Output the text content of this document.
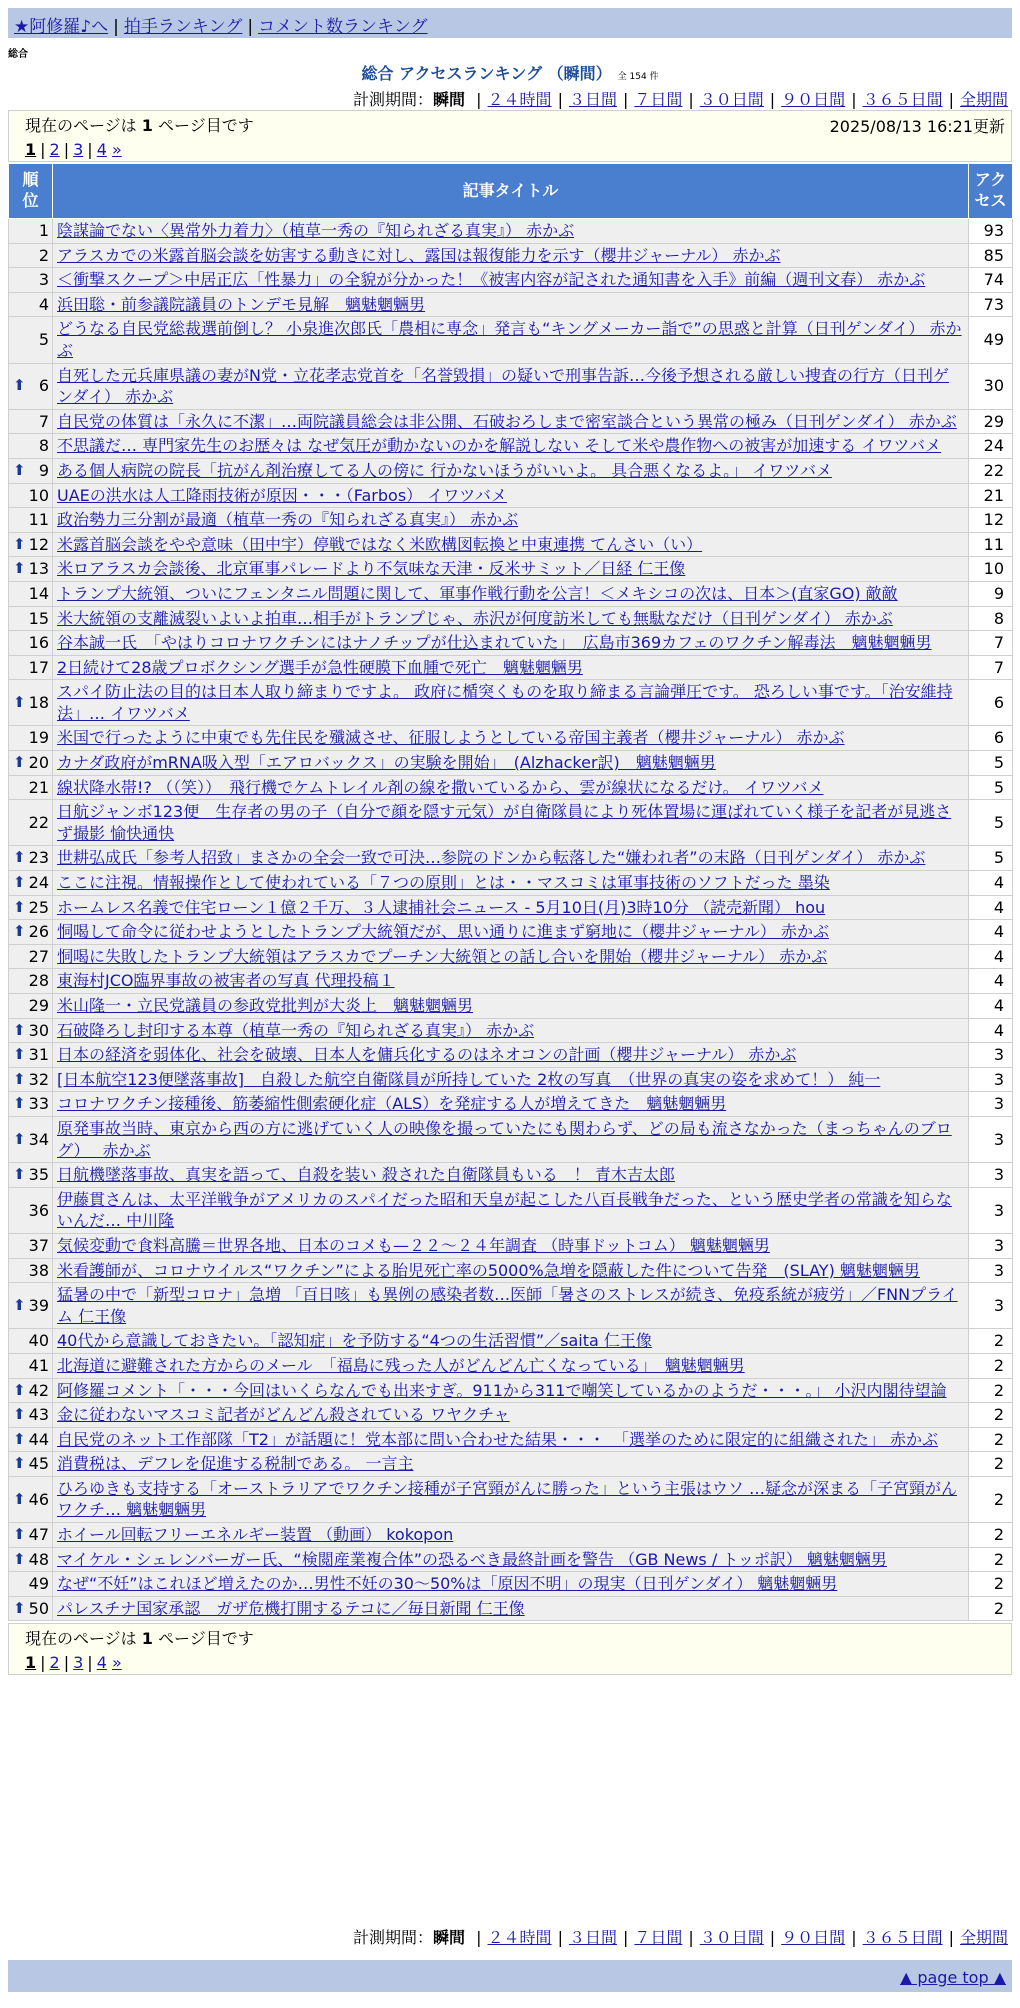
★阿修羅♪へ | 拍手ランキング | コメント数ランキング
総合
総合 アクセスランキング （瞬間） 全 154 件
計測期間：瞬間 | ２４時間 | ３日間 | ７日間 | ３０日間 | ９０日間 | ３６５日間 | 全期間
現在のページは 1 ページ目です	2025/08/13 16:21更新
1 | 2 | 3 | 4 »
順
位	記事タイトル	アク
セス
1	陰謀論でない〈異常外力着力〉（植草一秀の『知られざる真実』） 赤かぶ	93
2	アラスカでの米露首脳会談を妨害する動きに対し、露国は報復能力を示す（櫻井ジャーナル） 赤かぶ	85
3	＜衝撃スクープ＞中居正広「性暴力」の全貌が分かった！《被害内容が記された通知書を入手》前編（週刊文春） 赤かぶ	74
4	浜田聡・前参議院議員のトンデモ見解　魑魅魍魎男	73
5	どうなる自民党総裁選前倒し？ 小泉進次郎氏「農相に専念」発言も“キングメーカー詣で”の思惑と計算（日刊ゲンダイ） 赤かぶ	49

⬆ 6	自死した元兵庫県議の妻がN党・立花孝志党首を「名誉毀損」の疑いで刑事告訴…今後予想される厳しい捜査の行方（日刊ゲンダイ） 赤かぶ	30
7	自民党の体質は「永久に不潔」…両院議員総会は非公開、石破おろしまで密室談合という異常の極み（日刊ゲンダイ） 赤かぶ	29
8	不思議だ… 専門家先生のお歴々は なぜ気圧が動かないのかを解説しない そして米や農作物への被害が加速する イワツバメ	24

⬆ 9	ある個人病院の院長「抗がん剤治療してる人の傍に 行かないほうがいいよ。 具合悪くなるよ。」 イワツバメ	22
10	UAEの洪水は人工降雨技術が原因・・・（Farbos） イワツバメ	21
11	政治勢力三分割が最適（植草一秀の『知られざる真実』） 赤かぶ	12

⬆ 12	米露首脳会談をやや意味（田中宇）停戦ではなく米欧構図転換と中東連携 てんさい（い）	11

⬆ 13	米ロアラスカ会談後、北京軍事パレードより不気味な天津・反米サミット／日経 仁王像	10
14	トランプ大統領、ついにフェンタニル問題に関して、軍事作戦行動を公言！＜メキシコの次は、日本＞(直家GO) 敵敵	9
15	米大統領の支離滅裂いよいよ拍車…相手がトランプじゃ、赤沢が何度訪米しても無駄なだけ（日刊ゲンダイ） 赤かぶ	8
16	谷本誠一氏　「やはりコロナワクチンにはナノチップが仕込まれていた」　広島市369カフェのワクチン解毒法　魑魅魍魎男	7
17	2日続けて28歳プロボクシング選手が急性硬膜下血腫で死亡　魑魅魍魎男	7

⬆ 18	スパイ防止法の目的は日本人取り締まりですよ。 政府に楯突くものを取り締まる言論弾圧です。 恐ろしい事です。「治安維持法」… イワツバメ	6
19	米国で行ったように中東でも先住民を殲滅させ、征服しようとしている帝国主義者（櫻井ジャーナル） 赤かぶ	6

⬆ 20	カナダ政府がmRNA吸入型「エアロバックス」の実験を開始」　(Alzhacker訳)　魑魅魍魎男	5
21	線状降水帯!? （（笑））　飛行機でケムトレイル剤の線を撒いているから、雲が線状になるだけ。 イワツバメ	5
22	日航ジャンボ123便　生存者の男の子（自分で顔を隠す元気）が自衛隊員により死体置場に運ばれていく様子を記者が見逃さず撮影 愉快通快	5

⬆ 23	世耕弘成氏「参考人招致」まさかの全会一致で可決…参院のドンから転落した“嫌われ者”の末路（日刊ゲンダイ） 赤かぶ	5

⬆ 24	ここに注視。情報操作として使われている「７つの原則」とは・・マスコミは軍事技術のソフトだった 墨染	4

⬆ 25	ホームレス名義で住宅ローン１億２千万、３人逮捕社会ニュース - 5月10日(月)3時10分 （読売新聞） hou	4

⬆ 26	恫喝して命令に従わせようとしたトランプ大統領だが、思い通りに進まず窮地に（櫻井ジャーナル） 赤かぶ	4
27	恫喝に失敗したトランプ大統領はアラスカでプーチン大統領との話し合いを開始（櫻井ジャーナル） 赤かぶ	4
28	東海村JCO臨界事故の被害者の写真 代理投稿１	4
29	米山隆一・立民党議員の参政党批判が大炎上　魑魅魍魎男	4

⬆ 30	石破降ろし封印する本尊（植草一秀の『知られざる真実』） 赤かぶ	4

⬆ 31	日本の経済を弱体化、社会を破壊、日本人を傭兵化するのはネオコンの計画（櫻井ジャーナル） 赤かぶ	3

⬆ 32	[日本航空123便墜落事故]　自殺した航空自衛隊員が所持していた 2枚の写真　（世界の真実の姿を求めて！） 純一	3

⬆ 33	コロナワクチン接種後、筋萎縮性側索硬化症（ALS）を発症する人が増えてきた　魑魅魍魎男	3

⬆ 34	原発事故当時、東京から西の方に逃げていく人の映像を撮っていたにも関わらず、どの局も流さなかった（まっちゃんのブログ）　 赤かぶ	3

⬆ 35	日航機墜落事故、真実を語って、自殺を装い 殺された自衛隊員もいる　！ 青木吉太郎	3
36	伊藤貫さんは、太平洋戦争がアメリカのスパイだった昭和天皇が起こした八百長戦争だった、という歴史学者の常識を知らないんだ… 中川隆	3
37	気候変動で食料高騰＝世界各地、日本のコメも—２２～２４年調査 （時事ドットコム） 魑魅魍魎男	3
38	米看護師が、コロナウイルス“ワクチン”による胎児死亡率の5000%急増を隠蔽した件について告発　(SLAY) 魑魅魍魎男	3

⬆ 39	猛暑の中で「新型コロナ」急増 「百日咳」も異例の感染者数…医師「暑さのストレスが続き、免疫系統が疲労」／FNNプライム 仁王像	3
40	40代から意識しておきたい。「認知症」を予防する“4つの生活習慣”／saita 仁王像	2
41	北海道に避難された方からのメール　「福島に残った人がどんどん亡くなっている」　魑魅魍魎男	2

⬆ 42	阿修羅コメント「・・・今回はいくらなんでも出来すぎ。911から311で嘲笑しているかのようだ・・・。」 小沢内閣待望論	2

⬆ 43	金に従わないマスコミ記者がどんどん殺されている ワヤクチャ	2

⬆ 44	自民党のネット工作部隊「T2」が話題に！党本部に問い合わせた結果・・・　「選挙のために限定的に組織された」 赤かぶ	2

⬆ 45	消費税は、デフレを促進する税制である。 一言主	2

⬆ 46	ひろゆきも支持する「オーストラリアでワクチン接種が子宮頸がんに勝った」という主張はウソ …疑念が深まる「子宮頸がんワクチ… 魑魅魍魎男	2

⬆ 47	ホイール回転フリーエネルギー装置 （動画） kokopon	2

⬆ 48	マイケル・シェレンバーガー氏、“検閲産業複合体”の恐るべき最終計画を警告 （GB News / トッポ訳） 魑魅魍魎男	2
49	なぜ“不妊”はこれほど増えたのか…男性不妊の30～50%は「原因不明」の現実（日刊ゲンダイ） 魑魅魍魎男	2

⬆ 50	パレスチナ国家承認　ガザ危機打開するテコに／毎日新聞 仁王像	2
計測期間：瞬間 | ２４時間 | ３日間 | ７日間 | ３０日間 | ９０日間 | ３６５日間 | 全期間
現在のページは 1 ページ目です
1 | 2 | 3 | 4 »
▲ page top ▲
